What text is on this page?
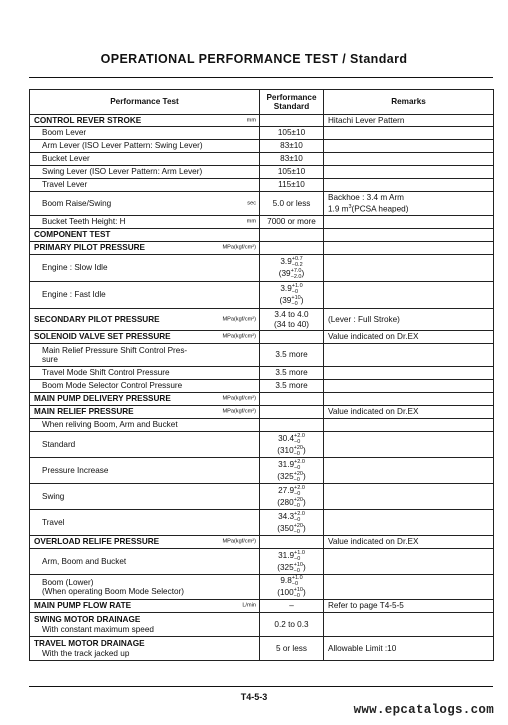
OPERATIONAL PERFORMANCE TEST / Standard
Performance Test	Performance
Standard	Remarks
CONTROL REVER STROKE mm		Hitachi Lever Pattern
Boom Lever	105±10	
Arm Lever (ISO Lever Pattern: Swing Lever)	83±10	
Bucket Lever	83±10	
Swing Lever (ISO Lever Pattern: Arm Lever)	105±10	
Travel Lever	115±10	
Boom Raise/Swing sec	5.0 or less	Backhoe : 3.4 m Arm
1.9 $m^3(PCSA$ heaped)
Bucket Teeth Height: H mm	7000 or more	
COMPONENT TEST		
PRIMARY PILOT PRESSURE MPa(kgf/cm²)		

Engine : Slow Idle	3.9+0.7
−0.2
(39+7.0
−2.0)	
Engine : Fast Idle	3.9+1.0
−0
(39+10
−0 )	
SECONDARY PILOT PRESSURE MPa(kgf/cm²)	3.4 to 4.0
(34 to 40)	(Lever : Full Stroke)
SOLENOID VALVE SET PRESSURE MPa(kgf/cm²)		Value indicated on Dr.EX
Main Relief Pressure Shift Control Pres-
sure	3.5 more	
Travel Mode Shift Control Pressure	3.5 more	
Boom Mode Selector Control Pressure	3.5 more	
MAIN PUMP DELIVERY PRESSURE MPa(kgf/cm²)		

MAIN RELIEF PRESSURE MPa(kgf/cm²)		Value indicated on Dr.EX
When reliving Boom, Arm and Bucket		
Standard	30.4+2.0
−0
(310+20
−0 )	
Pressure Increase	31.9+2.0
−0
(325+20
−0 )	
Swing	27.9+2.0
−0
(280+20
−0 )	
Travel	34.3+2.0
−0
(350+20
−0 )	
OVERLOAD RELIFE PRESSURE MPa(kgf/cm²)		Value indicated on Dr.EX
Arm, Boom and Bucket	31.9+1.0
−0
(325+10
−0 )	
Boom (Lower)
(When operating Boom Mode Selector)	9.8+1.0
−0
(100+10
−0 )	
MAIN PUMP FLOW RATE L/min	–	Refer to page T4-5-5
SWING MOTOR DRAINAGE
With constant maximum speed	0.2 to 0.3	
TRAVEL MOTOR DRAINAGE
With the track jacked up	5 or less	Allowable Limit :10
T4-5-3
www.epcatalogs.com
